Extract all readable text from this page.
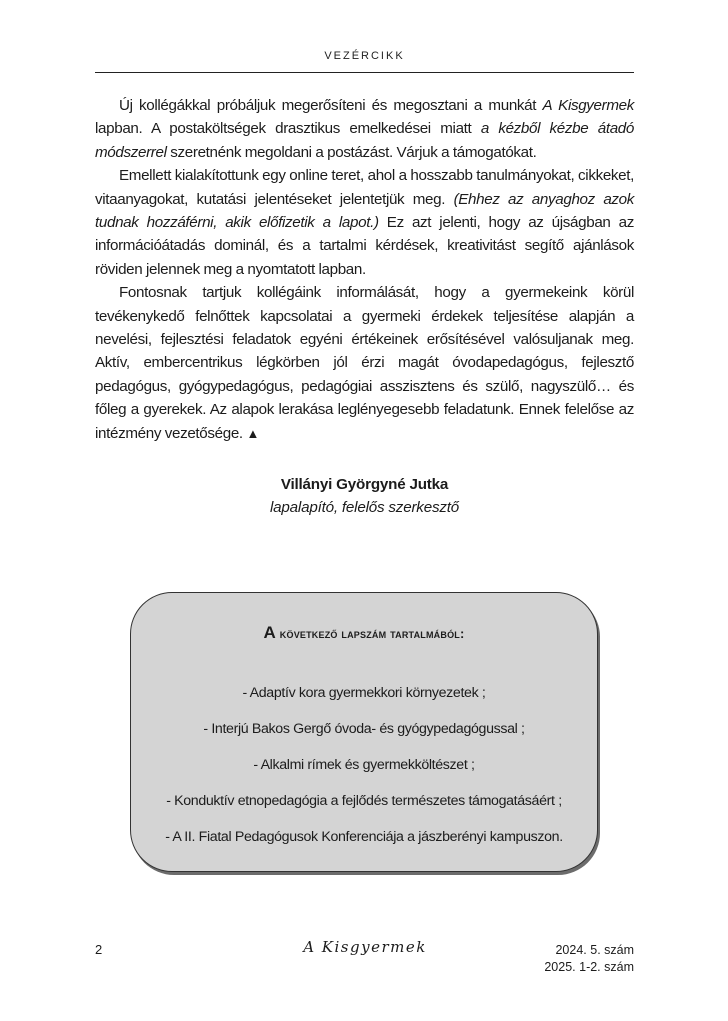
VEZÉRCIKK

Új kollégákkal próbáljuk megerősíteni és megosztani a munkát A Kisgyermek lapban. A postaköltségek drasztikus emelkedései miatt a kézből kézbe átadó módszerrel szeretnénk megoldani a postázást. Várjuk a támogatókat.

Emellett kialakítottunk egy online teret, ahol a hosszabb tanulmányokat, cikkeket, vitaanyagokat, kutatási jelentéseket jelentetjük meg. (Ehhez az anyaghoz azok tudnak hozzáférni, akik előfizetik a lapot.) Ez azt jelenti, hogy az újságban az információátadás dominál, és a tartalmi kérdések, kreativitást segítő ajánlások röviden jelennek meg a nyomtatott lapban.

Fontosnak tartjuk kollégáink informálását, hogy a gyermekeink körül tevékenykedő felnőttek kapcsolatai a gyermeki érdekek teljesítése alapján a nevelési, fejlesztési feladatok egyéni értékeinek erősítésével valósuljanak meg. Aktív, embercentrikus légkörben jól érzi magát óvodapedagógus, fejlesztő pedagógus, gyógypedagógus, pedagógiai asszisztens és szülő, nagyszülő… és főleg a gyerekek. Az alapok lerakása leglényegesebb feladatunk. Ennek felelőse az intézmény vezetősége. ▲

Villányi Györgyné Jutka
lapalapító, felelős szerkesztő
A következő lapszám tartalmából:
- Adaptív kora gyermekkori környezetek ;
- Interjú Bakos Gergő óvoda- és gyógypedagógussal ;
- Alkalmi rímek és gyermekköltészet ;
- Konduktív etnopedagógia a fejlődés természetes támogatásáért ;
- A II. Fiatal Pedagógusok Konferenciája a jászberényi kampuszon.
2	A Kisgyermek	2024. 5. szám
2025. 1-2. szám
